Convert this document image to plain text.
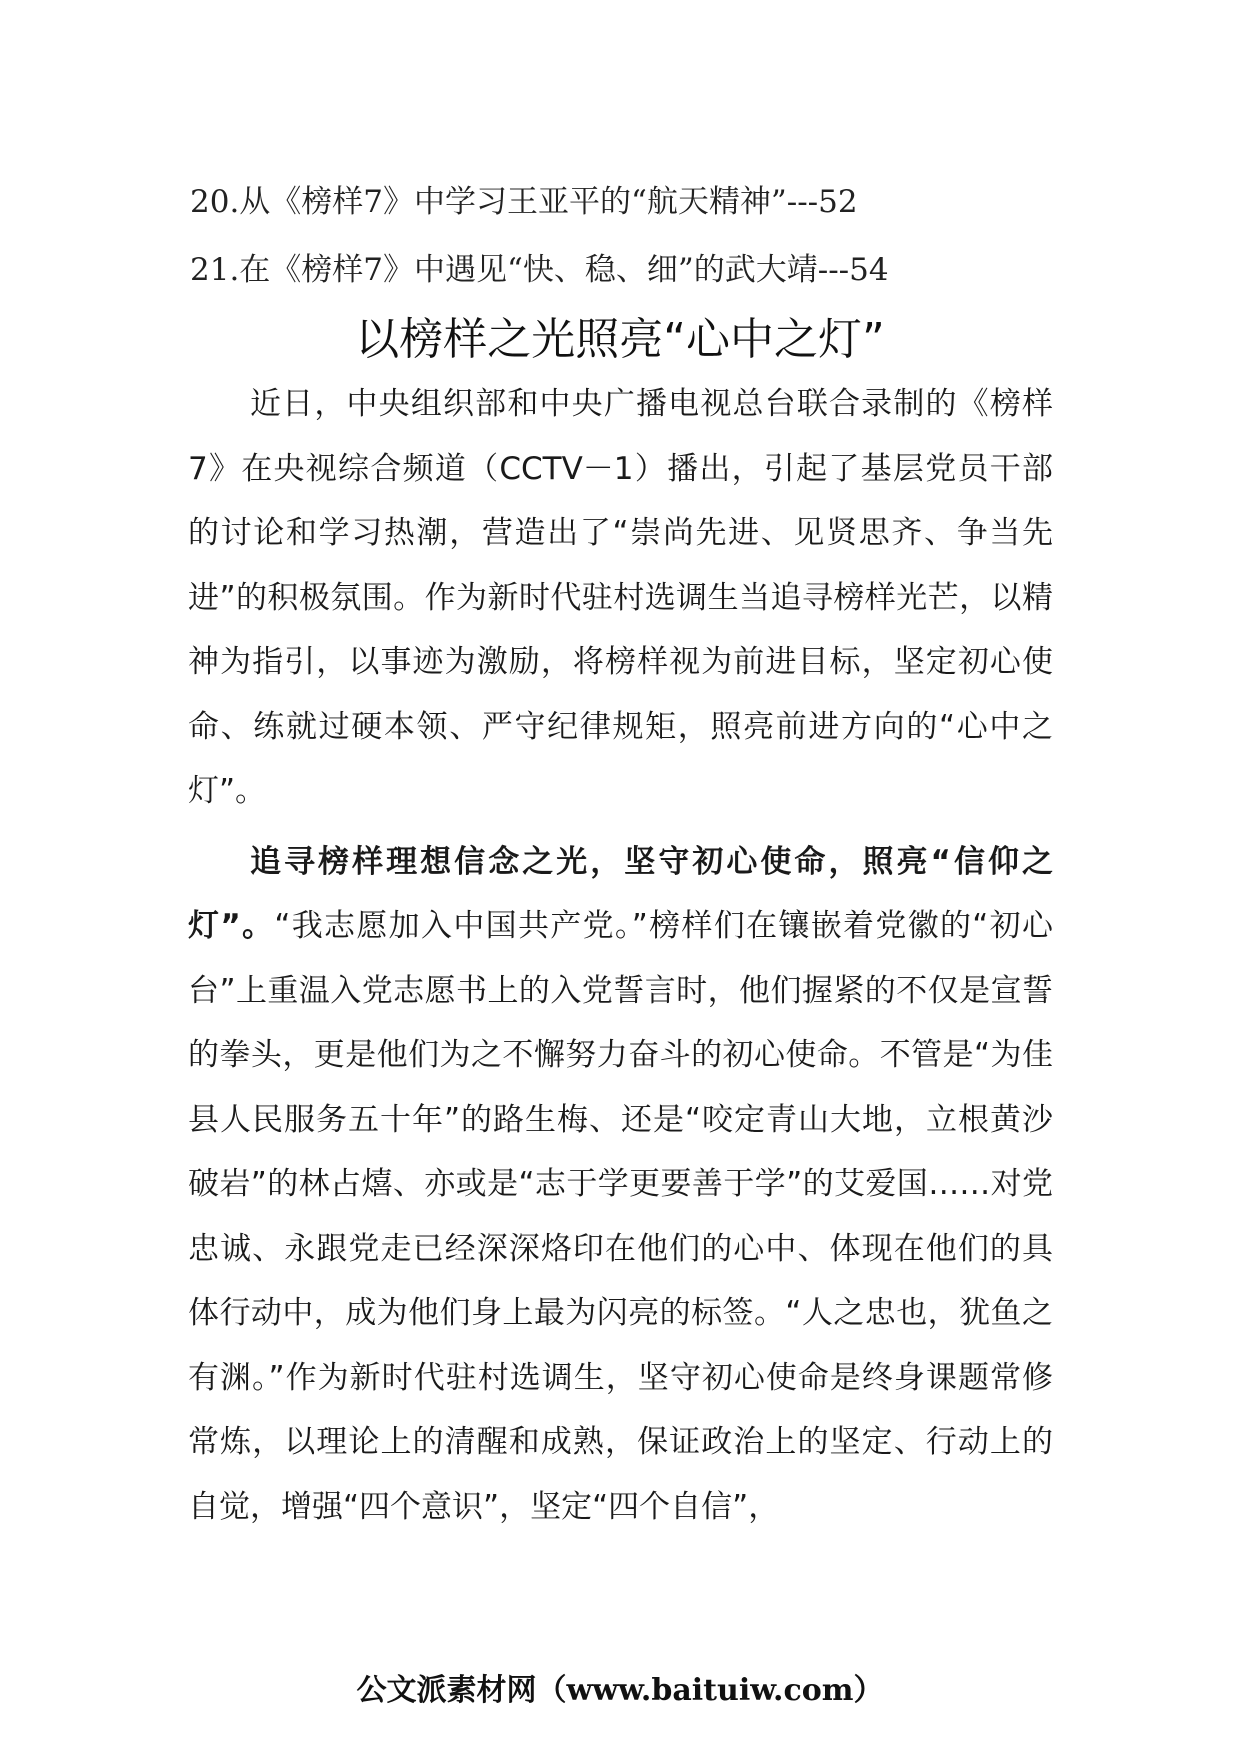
20.从《榜样7》中学习王亚平的“航天精神”---52
21.在《榜样7》中遇见“快、稳、细”的武大靖---54
以榜样之光照亮“心中之灯”

近日，中央组织部和中央广播电视总台联合录制的《榜样7》在央视综合频道（CCTV－1）播出，引起了基层党员干部的讨论和学习热潮，营造出了“崇尚先进、见贤思齐、争当先进”的积极氛围。作为新时代驻村选调生当追寻榜样光芒，以精神为指引，以事迹为激励，将榜样视为前进目标，坚定初心使命、练就过硬本领、严守纪律规矩，照亮前进方向的“心中之灯”。

追寻榜样理想信念之光，坚守初心使命，照亮“信仰之灯”。“我志愿加入中国共产党。”榜样们在镶嵌着党徽的“初心台”上重温入党志愿书上的入党誓言时，他们握紧的不仅是宣誓的拳头，更是他们为之不懈努力奋斗的初心使命。不管是“为佳县人民服务五十年”的路生梅、还是“咬定青山大地，立根黄沙破岩”的林占熺、亦或是“志于学更要善于学”的艾爱国……对党忠诚、永跟党走已经深深烙印在他们的心中、体现在他们的具体行动中，成为他们身上最为闪亮的标签。“人之忠也，犹鱼之有渊。”作为新时代驻村选调生，坚守初心使命是终身课题常修常炼，以理论上的清醒和成熟，保证政治上的坚定、行动上的自觉，增强“四个意识”，坚定“四个自信”，

公文派素材网（www.baituiw.com）
